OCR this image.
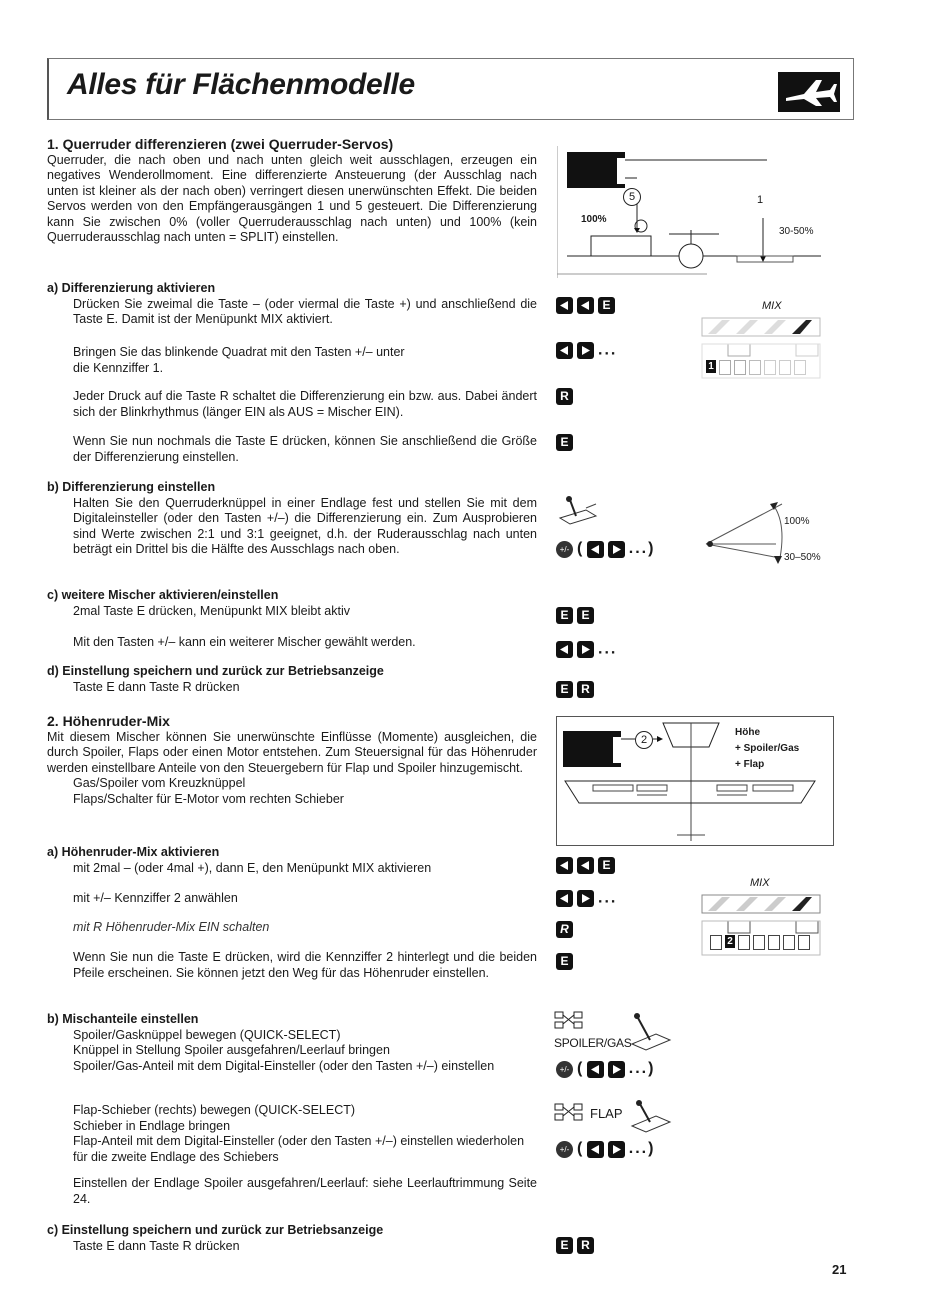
Alles für Flächenmodelle
1. Querruder differenzieren (zwei Querruder-Servos)

Querruder, die nach oben und nach unten gleich weit ausschlagen, erzeugen ein negatives Wenderollmoment. Eine differenzierte Ansteuerung (der Ausschlag nach unten ist kleiner als der nach oben) verringert diesen unerwünschten Effekt. Die beiden Servos werden von den Empfängerausgängen 1 und 5 gesteuert. Die Differenzierung kann Sie zwischen 0% (voller Querruderausschlag nach unten) und 100% (kein Querruderausschlag nach unten = SPLIT) einstellen.

a) Differenzierung aktivieren

Drücken Sie zweimal die Taste – (oder viermal die Taste +) und anschließend die Taste E. Damit ist der Menüpunkt MIX aktiviert.

Bringen Sie das blinkende Quadrat mit den Tasten +/– unter die Kennziffer 1.
Jeder Druck auf die Taste R schaltet die Differenzierung ein bzw. aus. Dabei ändert sich der Blinkrhythmus (länger EIN als AUS = Mischer EIN).
Wenn Sie nun nochmals die Taste E drücken, können Sie anschließend die Größe der Differenzierung einstellen.
b) Differenzierung einstellen

Halten Sie den Querruderknüppel in einer Endlage fest und stellen Sie mit dem Digitaleinsteller (oder den Tasten +/–) die Differenzierung ein. Zum Ausprobieren sind Werte zwischen 2:1 und 3:1 geeignet, d.h. der Ruderausschlag nach unten beträgt ein Drittel bis die Hälfte des Ausschlags nach oben.

c) weitere Mischer aktivieren/einstellen

2mal Taste E drücken, Menüpunkt MIX bleibt aktiv

Mit den Tasten +/– kann ein weiterer Mischer gewählt werden.
d) Einstellung speichern und zurück zur Betriebsanzeige

Taste E dann Taste R drücken

2. Höhenruder-Mix

Mit diesem Mischer können Sie unerwünschte Einflüsse (Momente) ausgleichen, die durch Spoiler, Flaps oder einen Motor entstehen. Zum Steuersignal für das Höhenruder werden einstellbare Anteile von den Steuergebern für Flap und Spoiler hinzugemischt.

Gas/Spoiler vom Kreuzknüppel

Flaps/Schalter für E-Motor vom rechten Schieber

a) Höhenruder-Mix aktivieren

mit 2mal – (oder 4mal +), dann E, den Menüpunkt MIX aktivieren

mit +/– Kennziffer 2 anwählen
mit R Höhenruder-Mix EIN schalten
Wenn Sie nun die Taste E drücken, wird die Kennziffer 2 hinterlegt und die beiden Pfeile erscheinen. Sie können jetzt den Weg für das Höhenruder einstellen.
b) Mischanteile einstellen

Spoiler/Gasknüppel bewegen (QUICK-SELECT)

Knüppel in Stellung Spoiler ausgefahren/Leerlauf bringen

Spoiler/Gas-Anteil mit dem Digital-Einsteller (oder den Tasten +/–) einstellen

Flap-Schieber (rechts) bewegen (QUICK-SELECT)

Schieber in Endlage bringen

Flap-Anteil mit dem Digital-Einsteller (oder den Tasten +/–) einstellen wiederholen für die zweite Endlage des Schiebers

Einstellen der Endlage Spoiler ausgefahren/Leerlauf: siehe Leerlauftrimmung Seite 24.
c) Einstellung speichern und zurück zur Betriebsanzeige

Taste E dann Taste R drücken

5
100%
1
30-50%
E
...
R
E
MIX
1
+/- (	...)
100%
30–50%
E E
...
E R
2
Höhe
+ Spoiler/Gas
+ Flap
E
...
R
E
MIX
2
SPOILER/GAS
+/- (	...)
FLAP
+/- (	...)
E R
21
